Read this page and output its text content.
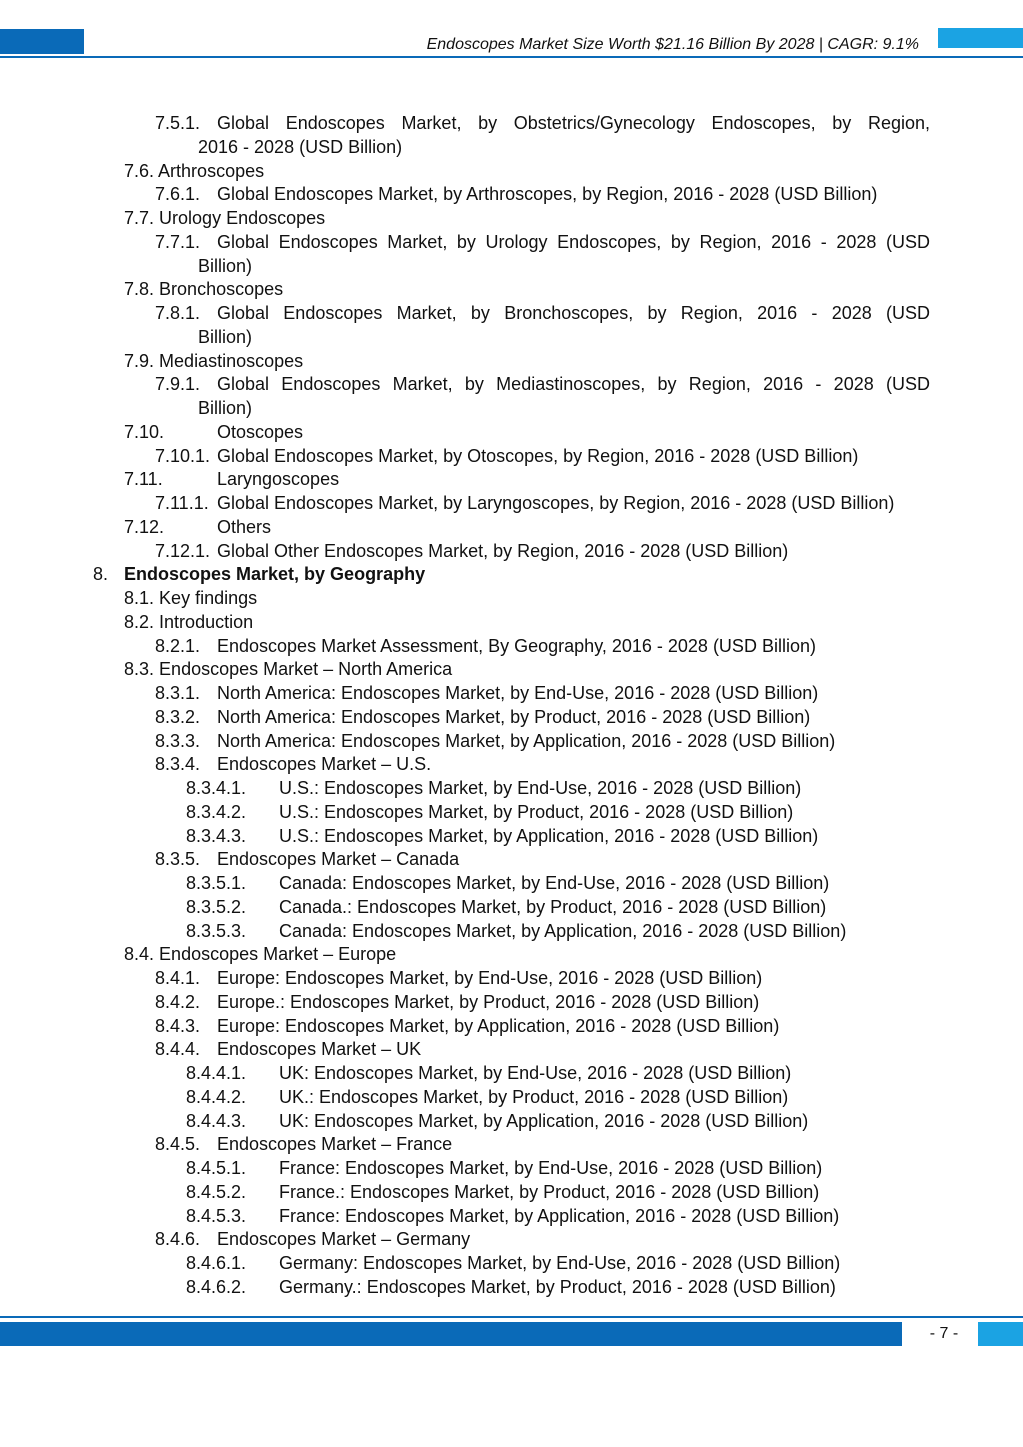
Endoscopes Market Size Worth $21.16 Billion By 2028 | CAGR: 9.1%
7.5.1. Global Endoscopes Market, by Obstetrics/Gynecology Endoscopes, by Region,
2016 - 2028 (USD Billion)
7.6. Arthroscopes
7.6.1. Global Endoscopes Market, by Arthroscopes, by Region, 2016 - 2028 (USD Billion)
7.7. Urology Endoscopes
7.7.1. Global Endoscopes Market, by Urology Endoscopes, by Region, 2016 - 2028 (USD
Billion)
7.8. Bronchoscopes
7.8.1. Global Endoscopes Market, by Bronchoscopes, by Region, 2016 - 2028 (USD
Billion)
7.9. Mediastinoscopes
7.9.1. Global Endoscopes Market, by Mediastinoscopes, by Region, 2016 - 2028 (USD
Billion)
7.10.	Otoscopes
7.10.1. Global Endoscopes Market, by Otoscopes, by Region, 2016 - 2028 (USD Billion)
7.11.	Laryngoscopes
7.11.1. Global Endoscopes Market, by Laryngoscopes, by Region, 2016 - 2028 (USD Billion)
7.12.	Others
7.12.1. Global Other Endoscopes Market, by Region, 2016 - 2028 (USD Billion)
8. Endoscopes Market, by Geography
8.1. Key findings
8.2. Introduction
8.2.1. Endoscopes Market Assessment, By Geography, 2016 - 2028 (USD Billion)
8.3. Endoscopes Market – North America
8.3.1. North America: Endoscopes Market, by End-Use, 2016 - 2028 (USD Billion)
8.3.2. North America: Endoscopes Market, by Product, 2016 - 2028 (USD Billion)
8.3.3. North America: Endoscopes Market, by Application, 2016 - 2028 (USD Billion)
8.3.4. Endoscopes Market – U.S.
8.3.4.1. U.S.: Endoscopes Market, by End-Use, 2016 - 2028 (USD Billion)
8.3.4.2. U.S.: Endoscopes Market, by Product, 2016 - 2028 (USD Billion)
8.3.4.3. U.S.: Endoscopes Market, by Application, 2016 - 2028 (USD Billion)
8.3.5. Endoscopes Market – Canada
8.3.5.1. Canada: Endoscopes Market, by End-Use, 2016 - 2028 (USD Billion)
8.3.5.2. Canada.: Endoscopes Market, by Product, 2016 - 2028 (USD Billion)
8.3.5.3. Canada: Endoscopes Market, by Application, 2016 - 2028 (USD Billion)
8.4. Endoscopes Market – Europe
8.4.1. Europe: Endoscopes Market, by End-Use, 2016 - 2028 (USD Billion)
8.4.2. Europe.: Endoscopes Market, by Product, 2016 - 2028 (USD Billion)
8.4.3. Europe: Endoscopes Market, by Application, 2016 - 2028 (USD Billion)
8.4.4. Endoscopes Market – UK
8.4.4.1. UK: Endoscopes Market, by End-Use, 2016 - 2028 (USD Billion)
8.4.4.2. UK.: Endoscopes Market, by Product, 2016 - 2028 (USD Billion)
8.4.4.3. UK: Endoscopes Market, by Application, 2016 - 2028 (USD Billion)
8.4.5. Endoscopes Market – France
8.4.5.1. France: Endoscopes Market, by End-Use, 2016 - 2028 (USD Billion)
8.4.5.2. France.: Endoscopes Market, by Product, 2016 - 2028 (USD Billion)
8.4.5.3. France: Endoscopes Market, by Application, 2016 - 2028 (USD Billion)
8.4.6. Endoscopes Market – Germany
8.4.6.1. Germany: Endoscopes Market, by End-Use, 2016 - 2028 (USD Billion)
8.4.6.2. Germany.: Endoscopes Market, by Product, 2016 - 2028 (USD Billion)
- 7 -
